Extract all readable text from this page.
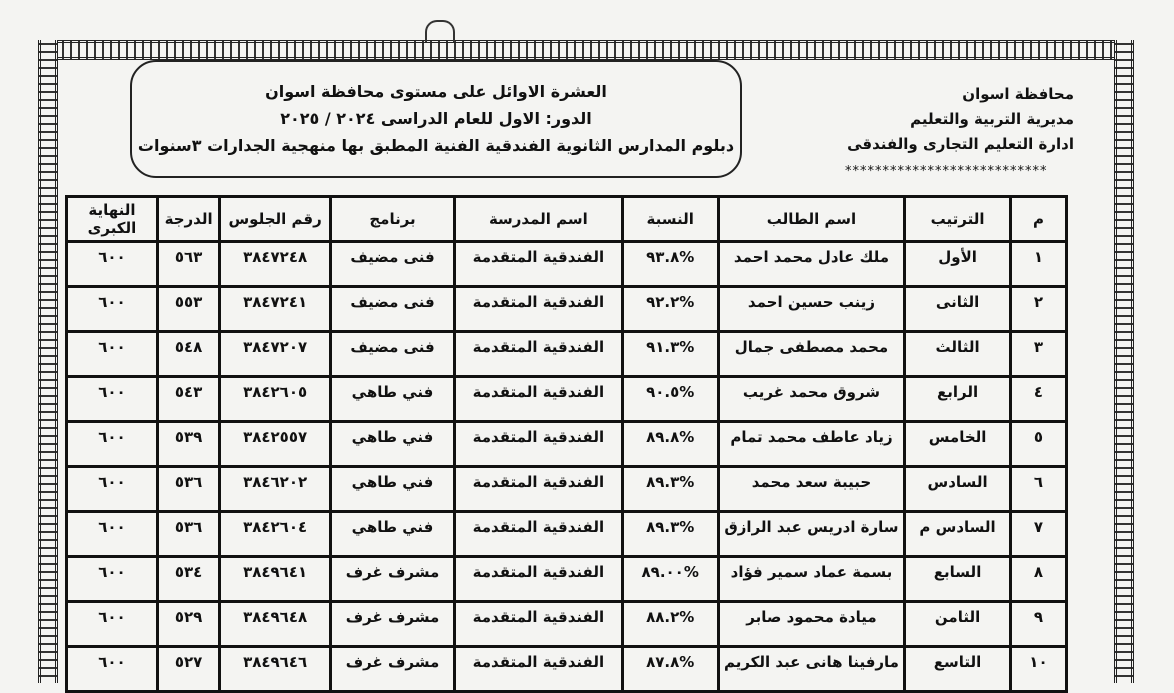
العشرة الاوائل على مستوى محافظة اسوان
الدور: الاول للعام الدراسى ٢٠٢٤ / ٢٠٢٥
دبلوم المدارس الثانوية الفندقية الفنية المطبق بها منهجية الجدارات ٣سنوات
محافظة اسوان
مديرية التربية والتعليم
ادارة التعليم التجارى والفندقى
***************************
م	الترتيب	اسم الطالب	النسبة	اسم المدرسة	برنامج	رقم الجلوس	الدرجة	النهاية الكبرى
١	الأول	ملك عادل محمد احمد	%٩٣.٨	الفندقية المتقدمة	فنى مضيف	٣٨٤٧٢٤٨	٥٦٣	٦٠٠
٢	الثانى	زينب حسين احمد	%٩٢.٢	الفندقية المتقدمة	فنى مضيف	٣٨٤٧٢٤١	٥٥٣	٦٠٠
٣	الثالث	محمد مصطفى جمال	%٩١.٣	الفندقية المتقدمة	فنى مضيف	٣٨٤٧٢٠٧	٥٤٨	٦٠٠
٤	الرابع	شروق محمد غريب	%٩٠.٥	الفندقية المتقدمة	فني طاهي	٣٨٤٢٦٠٥	٥٤٣	٦٠٠
٥	الخامس	زياد عاطف محمد تمام	%٨٩.٨	الفندقية المتقدمة	فني طاهي	٣٨٤٢٥٥٧	٥٣٩	٦٠٠
٦	السادس	حبيبة سعد محمد	%٨٩.٣	الفندقية المتقدمة	فني طاهي	٣٨٤٦٢٠٢	٥٣٦	٦٠٠
٧	السادس م	سارة ادريس عبد الرازق	%٨٩.٣	الفندقية المتقدمة	فني طاهي	٣٨٤٢٦٠٤	٥٣٦	٦٠٠
٨	السابع	بسمة عماد سمير فؤاد	%٨٩.٠٠	الفندقية المتقدمة	مشرف غرف	٣٨٤٩٦٤١	٥٣٤	٦٠٠
٩	الثامن	ميادة محمود صابر	%٨٨.٢	الفندقية المتقدمة	مشرف غرف	٣٨٤٩٦٤٨	٥٢٩	٦٠٠
١٠	التاسع	مارفينا هانى عبد الكريم	%٨٧.٨	الفندقية المتقدمة	مشرف غرف	٣٨٤٩٦٤٦	٥٢٧	٦٠٠
